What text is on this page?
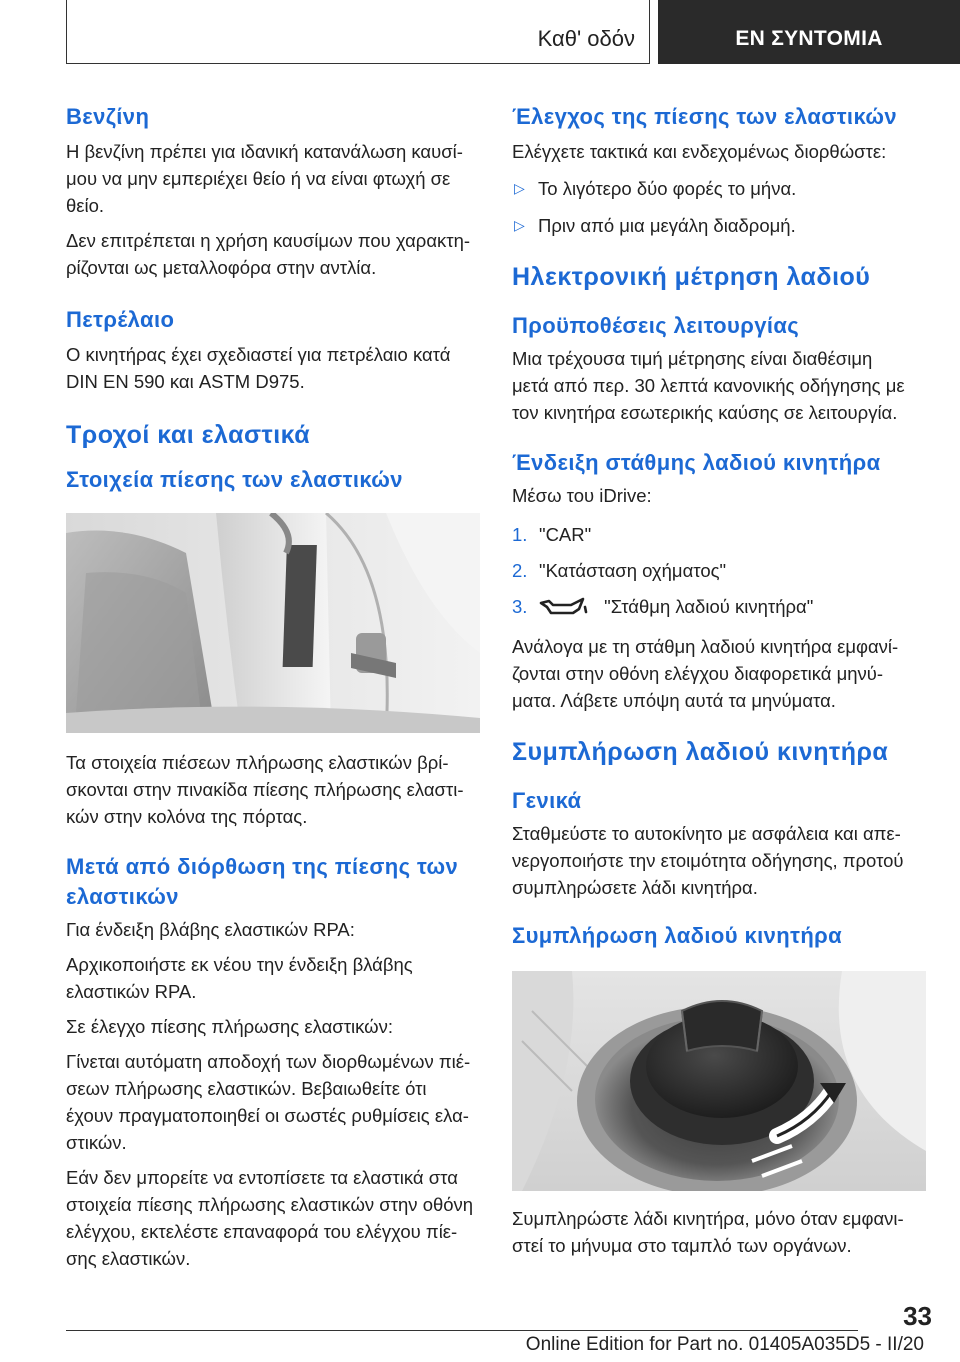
Καθ' οδόν	ΕΝ ΣΥΝΤΟΜΙΑ
Βενζίνη
Η βενζίνη πρέπει για ιδανική κατανάλωση καυσί-
μου να μην εμπεριέχει θείο ή να είναι φτωχή σε
θείο.
Δεν επιτρέπεται η χρήση καυσίμων που χαρακτη-
ρίζονται ως μεταλλοφόρα στην αντλία.
Πετρέλαιο
Ο κινητήρας έχει σχεδιαστεί για πετρέλαιο κατά
DIN EN 590 και ASTM D975.
Τροχοί και ελαστικά
Στοιχεία πίεσης των ελαστικών
Τα στοιχεία πιέσεων πλήρωσης ελαστικών βρί-
σκονται στην πινακίδα πίεσης πλήρωσης ελαστι-
κών στην κολόνα της πόρτας.
Μετά από διόρθωση της πίεσης των
ελαστικών
Για ένδειξη βλάβης ελαστικών RPA:
Αρχικοποιήστε εκ νέου την ένδειξη βλάβης
ελαστικών RPA.
Σε έλεγχο πίεσης πλήρωσης ελαστικών:
Γίνεται αυτόματη αποδοχή των διορθωμένων πιέ-
σεων πλήρωσης ελαστικών. Βεβαιωθείτε ότι
έχουν πραγματοποιηθεί οι σωστές ρυθμίσεις ελα-
στικών.
Εάν δεν μπορείτε να εντοπίσετε τα ελαστικά στα
στοιχεία πίεσης πλήρωσης ελαστικών στην οθόνη
ελέγχου, εκτελέστε επαναφορά του ελέγχου πίε-
σης ελαστικών.
Έλεγχος της πίεσης των ελαστικών
Ελέγχετε τακτικά και ενδεχομένως διορθώστε:
▷ Το λιγότερο δύο φορές το μήνα.
▷ Πριν από μια μεγάλη διαδρομή.
Ηλεκτρονική μέτρηση λαδιού
Προϋποθέσεις λειτουργίας
Μια τρέχουσα τιμή μέτρησης είναι διαθέσιμη
μετά από περ. 30 λεπτά κανονικής οδήγησης με
τον κινητήρα εσωτερικής καύσης σε λειτουργία.
Ένδειξη στάθμης λαδιού κινητήρα
Μέσω του iDrive:
1. "CAR"
2. "Κατάσταση οχήματος"
3.	"Στάθμη λαδιού κινητήρα"
Ανάλογα με τη στάθμη λαδιού κινητήρα εμφανί-
ζονται στην οθόνη ελέγχου διαφορετικά μηνύ-
ματα. Λάβετε υπόψη αυτά τα μηνύματα.
Συμπλήρωση λαδιού κινητήρα
Γενικά
Σταθμεύστε το αυτοκίνητο με ασφάλεια και απε-
νεργοποιήστε την ετοιμότητα οδήγησης, προτού
συμπληρώσετε λάδι κινητήρα.
Συμπλήρωση λαδιού κινητήρα
Συμπληρώστε λάδι κινητήρα, μόνο όταν εμφανι-
στεί το μήνυμα στο ταμπλό των οργάνων.
33
Online Edition for Part no. 01405A035D5 - II/20
